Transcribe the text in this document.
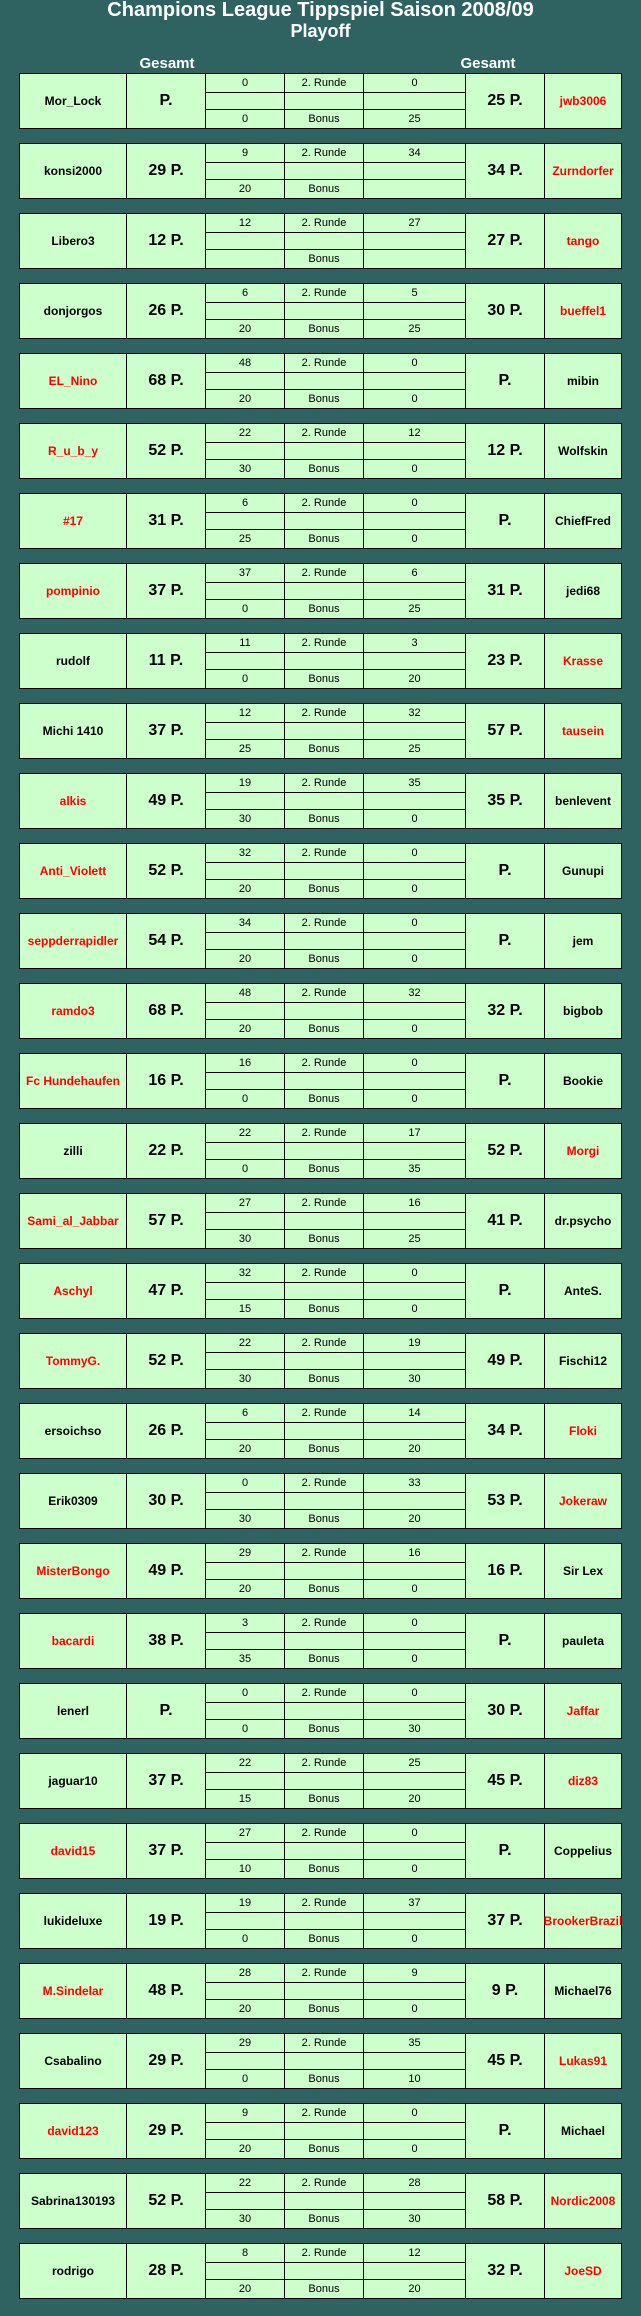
Champions League Tippspiel Saison 2008/09
Playoff
Gesamt	Gesamt
Mor_Lock	P.
0	2. Runde	0
0	Bonus	25
25 P.	jwb3006
konsi2000	29 P.
9	2. Runde	34
20	Bonus
34 P.	Zurndorfer
Libero3	12 P.
12	2. Runde	27
Bonus
27 P.	tango
donjorgos	26 P.
6	2. Runde	5
20	Bonus	25
30 P.	bueffel1
EL_Nino	68 P.
48	2. Runde	0
20	Bonus	0
P.	mibin
R_u_b_y	52 P.
22	2. Runde	12
30	Bonus	0
12 P.	Wolfskin
#17	31 P.
6	2. Runde	0
25	Bonus	0
P.	ChiefFred
pompinio	37 P.
37	2. Runde	6
0	Bonus	25
31 P.	jedi68
rudolf	11 P.
11	2. Runde	3
0	Bonus	20
23 P.	Krasse
Michi 1410	37 P.
12	2. Runde	32
25	Bonus	25
57 P.	tausein
alkis	49 P.
19	2. Runde	35
30	Bonus	0
35 P.	benlevent
Anti_Violett	52 P.
32	2. Runde	0
20	Bonus	0
P.	Gunupi
seppderrapidler	54 P.
34	2. Runde	0
20	Bonus	0
P.	jem
ramdo3	68 P.
48	2. Runde	32
20	Bonus	0
32 P.	bigbob
Fc Hundehaufen	16 P.
16	2. Runde	0
0	Bonus	0
P.	Bookie
zilli	22 P.
22	2. Runde	17
0	Bonus	35
52 P.	Morgi
Sami_al_Jabbar	57 P.
27	2. Runde	16
30	Bonus	25
41 P.	dr.psycho
Aschyl	47 P.
32	2. Runde	0
15	Bonus	0
P.	AnteS.
TommyG.	52 P.
22	2. Runde	19
30	Bonus	30
49 P.	Fischi12
ersoichso	26 P.
6	2. Runde	14
20	Bonus	20
34 P.	Floki
Erik0309	30 P.
0	2. Runde	33
30	Bonus	20
53 P.	Jokeraw
MisterBongo	49 P.
29	2. Runde	16
20	Bonus	0
16 P.	Sir Lex
bacardi	38 P.
3	2. Runde	0
35	Bonus	0
P.	pauleta
lenerl	P.
0	2. Runde	0
0	Bonus	30
30 P.	Jaffar
jaguar10	37 P.
22	2. Runde	25
15	Bonus	20
45 P.	diz83
david15	37 P.
27	2. Runde	0
10	Bonus	0
P.	Coppelius
lukideluxe	19 P.
19	2. Runde	37
0	Bonus	0
37 P.	BrookerBrazil
M.Sindelar	48 P.
28	2. Runde	9
20	Bonus	0
9 P.	Michael76
Csabalino	29 P.
29	2. Runde	35
0	Bonus	10
45 P.	Lukas91
david123	29 P.
9	2. Runde	0
20	Bonus	0
P.	Michael
Sabrina130193	52 P.
22	2. Runde	28
30	Bonus	30
58 P.	Nordic2008
rodrigo	28 P.
8	2. Runde	12
20	Bonus	20
32 P.	JoeSD
